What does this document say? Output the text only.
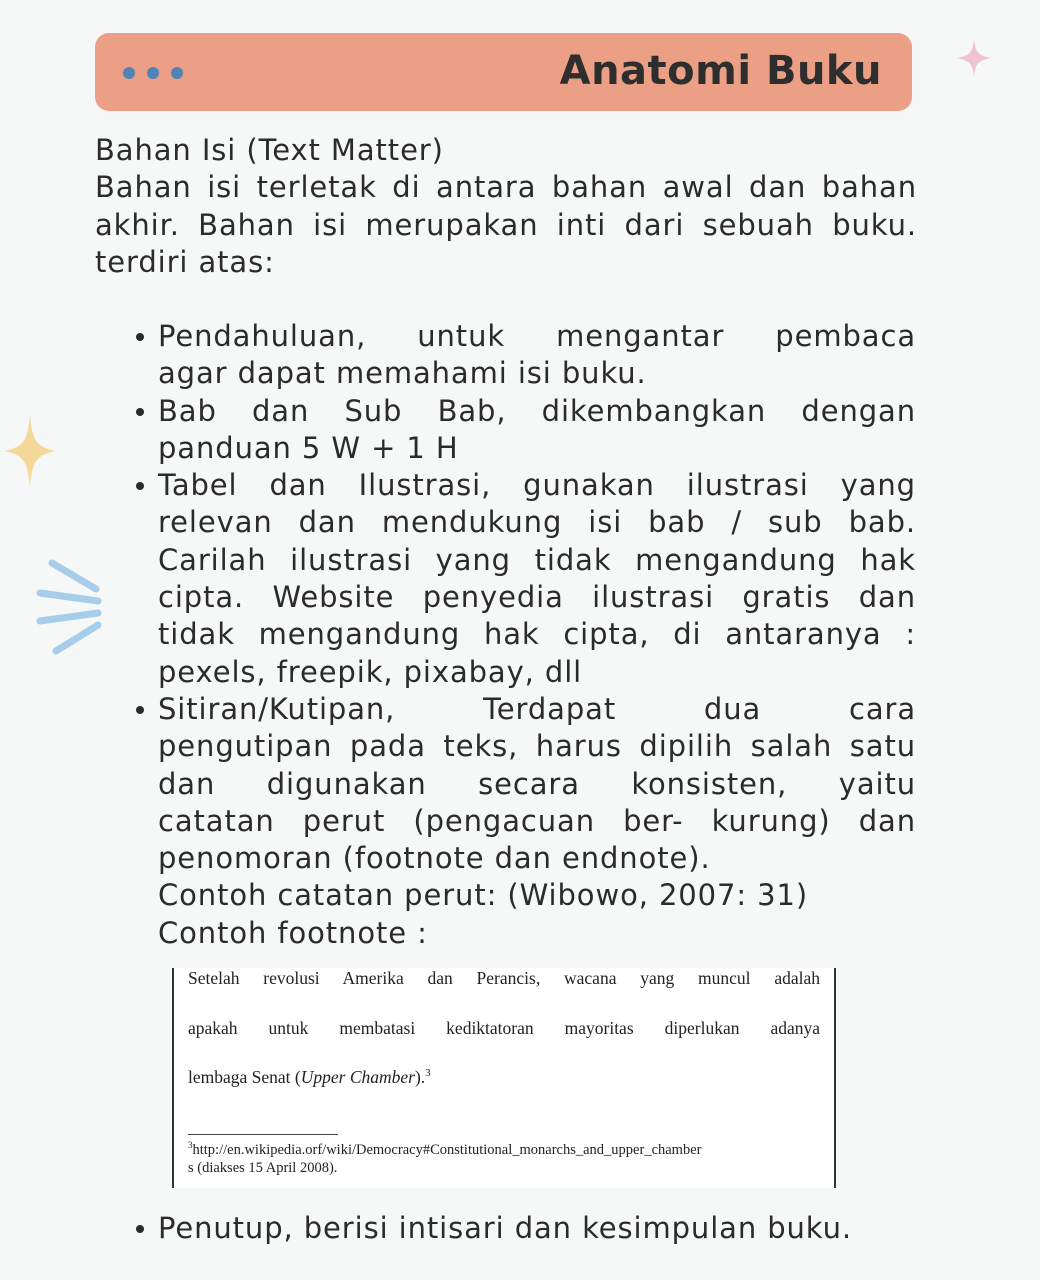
Anatomi Buku

Bahan Isi (Text Matter)

Bahan isi terletak di antara bahan awal dan bahan

akhir. Bahan isi merupakan inti dari sebuah buku.

terdiri atas:

Pendahuluan, untuk mengantar pembaca

agar dapat memahami isi buku.

Bab dan Sub Bab, dikembangkan dengan

panduan 5 W + 1 H

Tabel dan Ilustrasi, gunakan ilustrasi yang

relevan dan mendukung isi bab / sub bab.

Carilah ilustrasi yang tidak mengandung hak

cipta. Website penyedia ilustrasi gratis dan

tidak mengandung hak cipta, di antaranya :

pexels, freepik, pixabay, dll

Sitiran/Kutipan, Terdapat dua cara

pengutipan pada teks, harus dipilih salah satu

dan digunakan secara konsisten, yaitu

catatan perut (pengacuan ber- kurung) dan

penomoran (footnote dan endnote).

Contoh catatan perut: (Wibowo, 2007: 31)

Contoh footnote :

Setelah revolusi Amerika dan Perancis, wacana yang muncul adalah
apakah untuk membatasi kediktatoran mayoritas diperlukan adanya
lembaga Senat (Upper Chamber).$^3$
$^3$http://en.wikipedia.orf/wiki/Democracy#Constitutional_monarchs_and_upper_chamber
s (diakses 15 April 2008).

Penutup, berisi intisari dan kesimpulan buku.
